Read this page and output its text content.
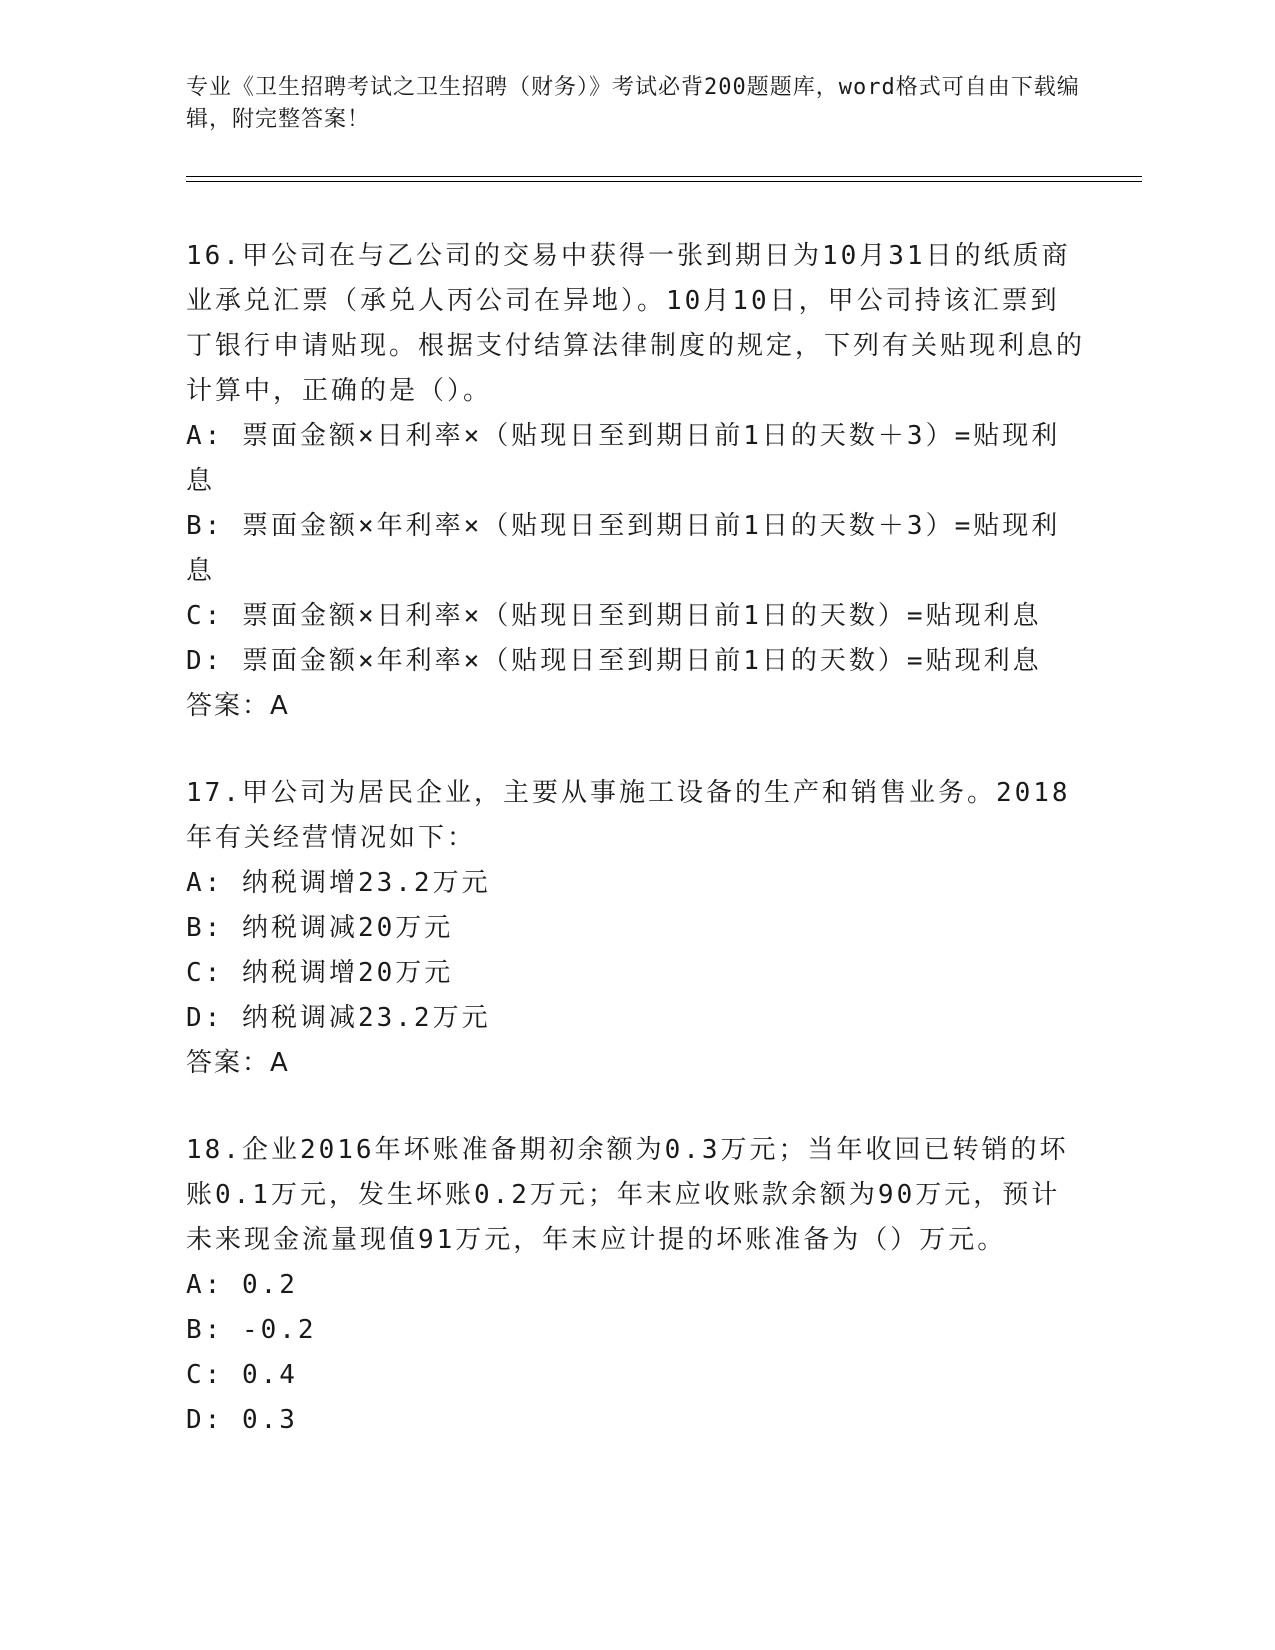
专业《卫生招聘考试之卫生招聘（财务）》考试必背200题题库，word格式可自由下载编辑，附完整答案！

16.甲公司在与乙公司的交易中获得一张到期日为10月31日的纸质商业承兑汇票（承兑人丙公司在异地）。10月10日，甲公司持该汇票到丁银行申请贴现。根据支付结算法律制度的规定，下列有关贴现利息的计算中，正确的是（）。

A: 票面金额×日利率×（贴现日至到期日前1日的天数＋3）=贴现利息

B: 票面金额×年利率×（贴现日至到期日前1日的天数＋3）=贴现利息

C: 票面金额×日利率×（贴现日至到期日前1日的天数）=贴现利息

D: 票面金额×年利率×（贴现日至到期日前1日的天数）=贴现利息

答案：A

17.甲公司为居民企业，主要从事施工设备的生产和销售业务。2018年有关经营情况如下：

A: 纳税调增23.2万元

B: 纳税调减20万元

C: 纳税调增20万元

D: 纳税调减23.2万元

答案：A

18.企业2016年坏账准备期初余额为0.3万元；当年收回已转销的坏账0.1万元，发生坏账0.2万元；年末应收账款余额为90万元，预计未来现金流量现值91万元，年末应计提的坏账准备为（）万元。

A: 0.2

B: -0.2

C: 0.4

D: 0.3
